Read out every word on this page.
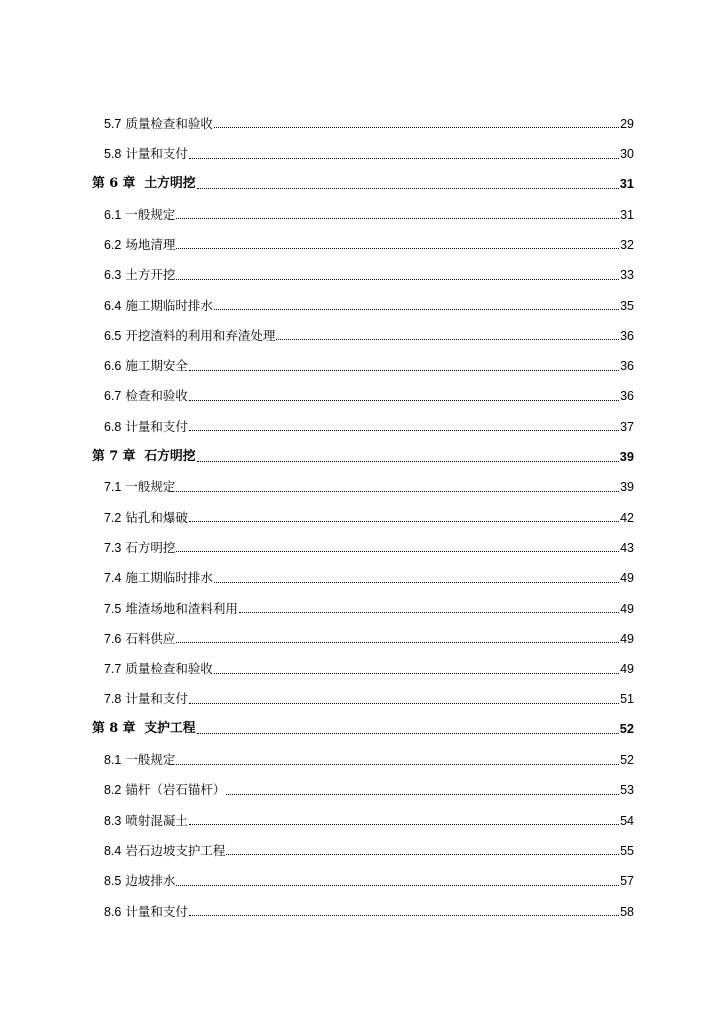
5.7 质量检查和验收	29
5.8 计量和支付	30
第 6 章 土方明挖	31
6.1 一般规定	31
6.2 场地清理	32
6.3 土方开挖	33
6.4 施工期临时排水	35
6.5 开挖渣料的利用和弃渣处理	36
6.6 施工期安全	36
6.7 检查和验收	36
6.8 计量和支付	37
第 7 章 石方明挖	39
7.1 一般规定	39
7.2 钻孔和爆破	42
7.3 石方明挖	43
7.4 施工期临时排水	49
7.5 堆渣场地和渣料利用	49
7.6 石料供应	49
7.7 质量检查和验收	49
7.8 计量和支付	51
第 8 章 支护工程	52
8.1 一般规定	52
8.2 锚杆（岩石锚杆）	53
8.3 喷射混凝土	54
8.4 岩石边坡支护工程	55
8.5 边坡排水	57
8.6 计量和支付	58
